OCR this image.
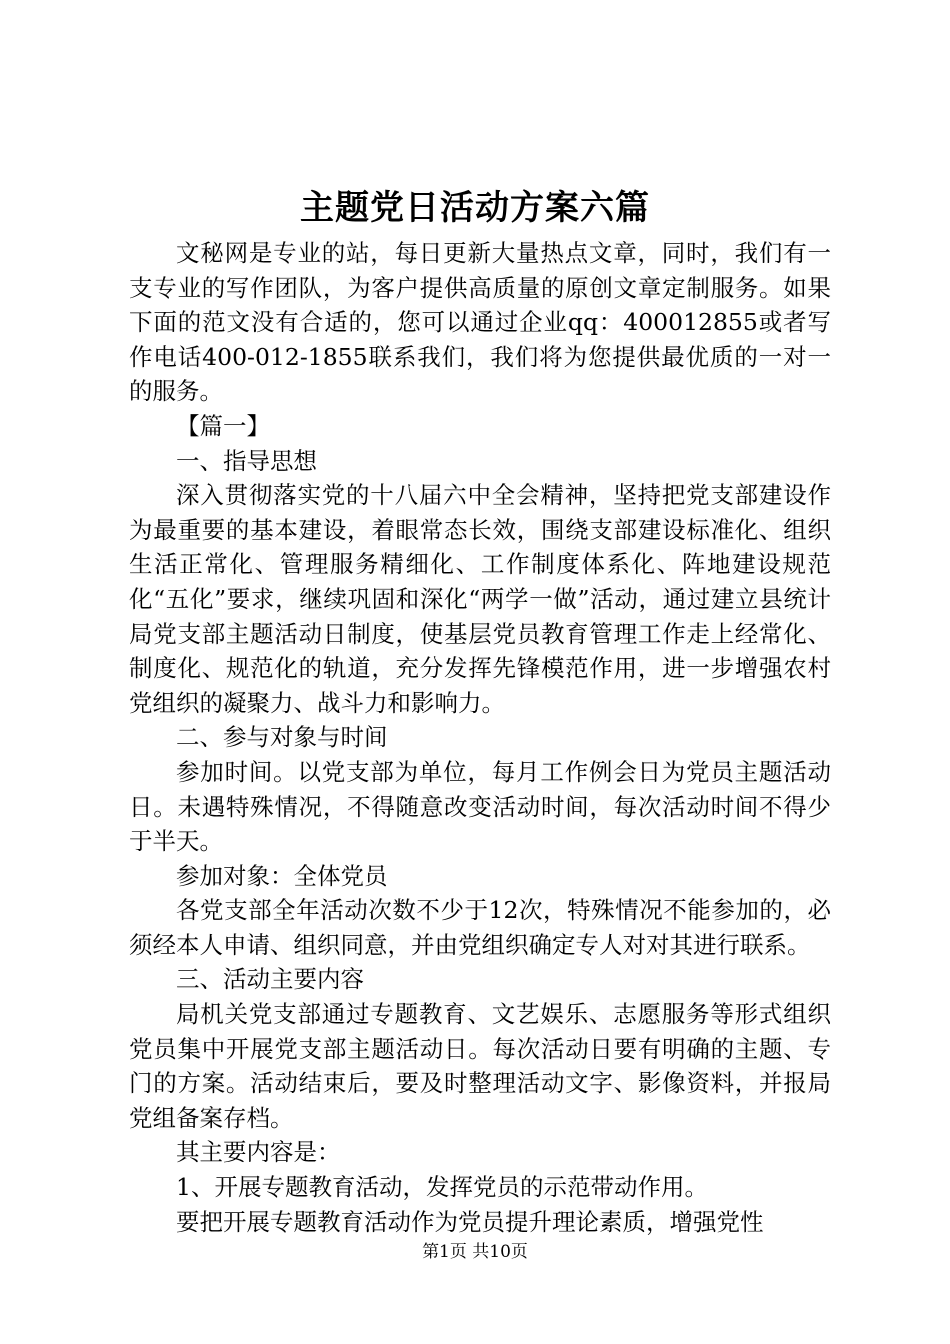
主题党日活动方案六篇

文秘网是专业的站，每日更新大量热点文章，同时，我们有一支专业的写作团队，为客户提供高质量的原创文章定制服务。如果下面的范文没有合适的，您可以通过企业qq：400012855或者写作电话400-012-1855联系我们，我们将为您提供最优质的一对一的服务。

【篇一】

一、指导思想

深入贯彻落实党的十八届六中全会精神，坚持把党支部建设作为最重要的基本建设，着眼常态长效，围绕支部建设标准化、组织生活正常化、管理服务精细化、工作制度体系化、阵地建设规范化“五化”要求，继续巩固和深化“两学一做”活动，通过建立县统计局党支部主题活动日制度，使基层党员教育管理工作走上经常化、制度化、规范化的轨道，充分发挥先锋模范作用，进一步增强农村党组织的凝聚力、战斗力和影响力。

二、参与对象与时间

参加时间。以党支部为单位，每月工作例会日为党员主题活动日。未遇特殊情况，不得随意改变活动时间，每次活动时间不得少于半天。

参加对象：全体党员

各党支部全年活动次数不少于12次，特殊情况不能参加的，必须经本人申请、组织同意，并由党组织确定专人对对其进行联系。

三、活动主要内容

局机关党支部通过专题教育、文艺娱乐、志愿服务等形式组织党员集中开展党支部主题活动日。每次活动日要有明确的主题、专门的方案。活动结束后，要及时整理活动文字、影像资料，并报局党组备案存档。

其主要内容是：

1、开展专题教育活动，发挥党员的示范带动作用。

要把开展专题教育活动作为党员提升理论素质，增强党性

第1页 共10页
